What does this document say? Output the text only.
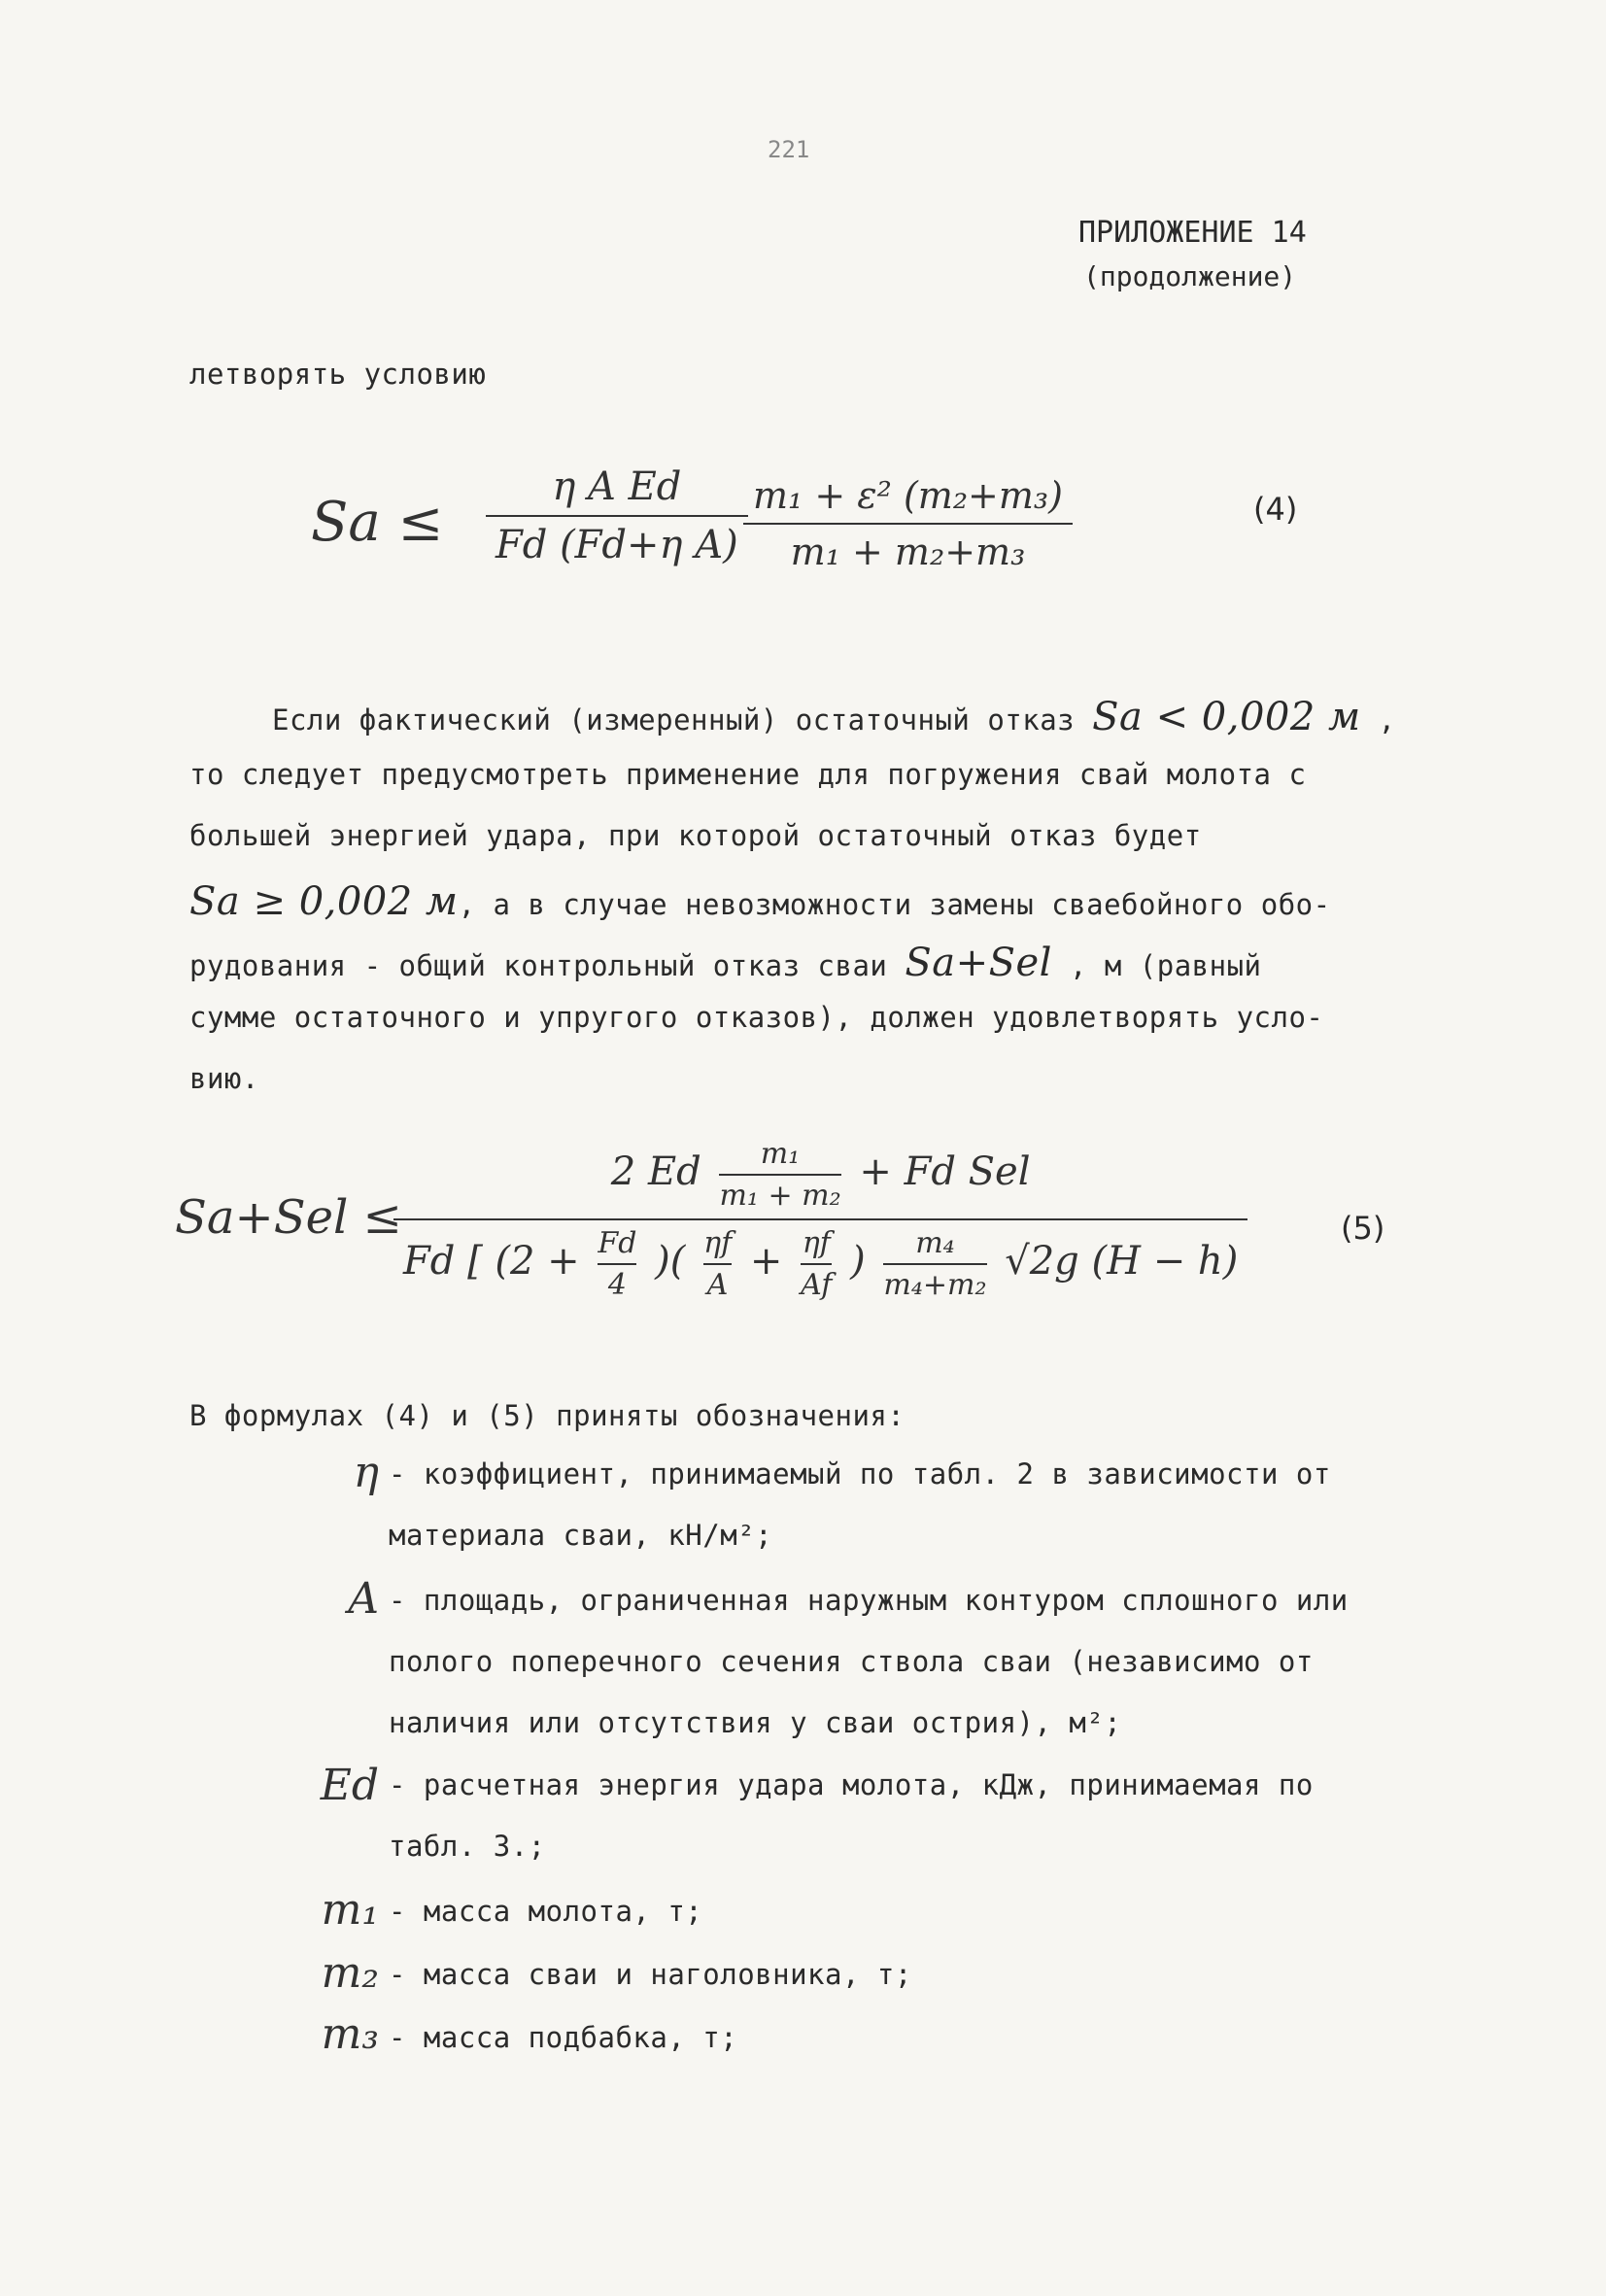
221
ПРИЛОЖЕНИЕ 14
(продолжение)
летворять условию
Sa ≤
η A Ed
Fd (Fd+η A)
m₁ + ε² (m₂+m₃)
m₁ + m₂+m₃
(4)
Если фактический (измеренный) остаточный отказ Sa < 0,002 м ,
то следует предусмотреть применение для погружения свай молота с
большей энергией удара, при которой остаточный отказ будет
Sa ≥ 0,002 м, а в случае невозможности замены сваебойного обо-
рудования - общий контрольный отказ сваи Sa+Sel , м (равный
сумме остаточного и упругого отказов), должен удовлетворять усло-
вию.
Sa+Sel ≤
2 Ed $\frac{\text{m₁}}{\text{m₁ + m₂}} + Fd$ Sel
Fd [ ($2 + \frac{Fd}{4}$ )( $\frac{\eta f}{A} + \frac{\eta f}{Af}$ ) $\frac{\text{m₄}}{\text{m₄+m₂}} √2g$ (H − h)
(5)
В формулах (4) и (5) приняты обозначения:
η - коэффициент, принимаемый по табл. 2 в зависимости от
материала сваи, кН/м²;
A - площадь, ограниченная наружным контуром сплошного или
полого поперечного сечения ствола сваи (независимо от
наличия или отсутствия у сваи острия), м²;
Ed - расчетная энергия удара молота, кДж, принимаемая по
табл. 3.;
m₁ - масса молота, т;
m₂ - масса сваи и наголовника, т;
m₃ - масса подбабка, т;
